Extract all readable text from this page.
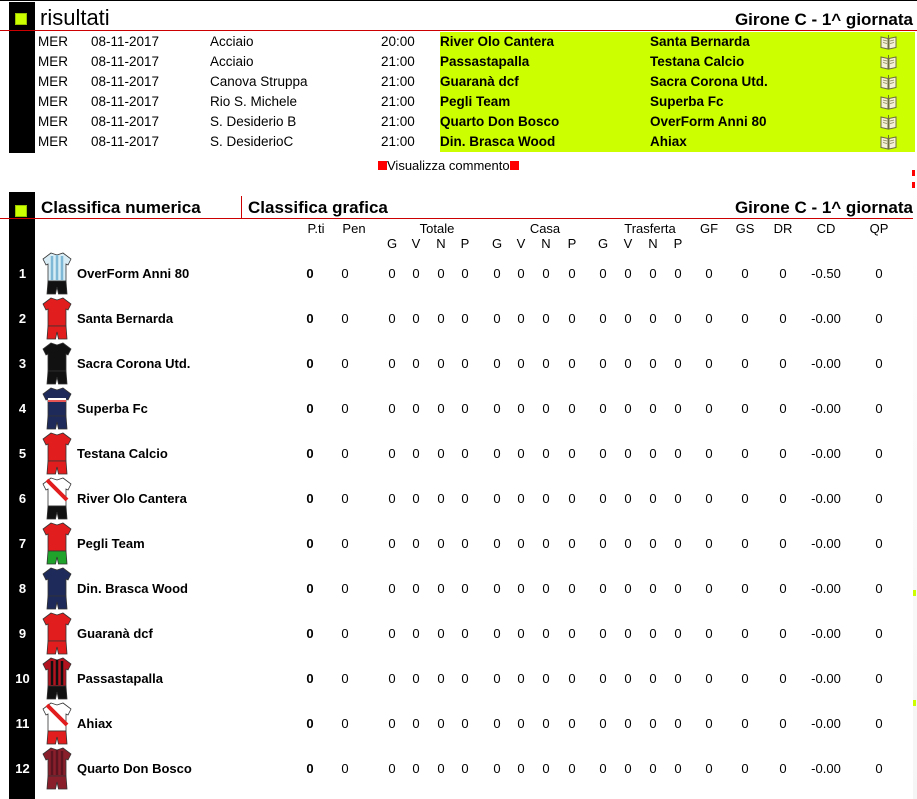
risultati	Girone C - 1^ giornata
MER 08-11-2017	Acciaio	20:00 River Olo Cantera	Santa Bernarda
MER 08-11-2017	Acciaio	21:00 Passastapalla	Testana Calcio
MER 08-11-2017	Canova Struppa	21:00 Guaranà dcf	Sacra Corona Utd.
MER 08-11-2017	Rio S. Michele	21:00 Pegli Team	Superba Fc
MER 08-11-2017	S. Desiderio B	21:00 Quarto Don Bosco	OverForm Anni 80
MER 08-11-2017	S. DesiderioC	21:00 Din. Brasca Wood	Ahiax
Visualizza commento
Classifica numerica	Classifica grafica	Girone C - 1^ giornata
P.ti Pen	Totale	Casa	Trasferta	GF GS DR CD	QP
G	V	N	P	G	V	N	P	G	V	N	P
1	OverForm Anni 80	0	0	0	0	0	0	0	0	0	0	0	0	0	0	0	0	0	-0.50	0
2	Santa Bernarda	0	0	0	0	0	0	0	0	0	0	0	0	0	0	0	0	0	-0.00	0
3	Sacra Corona Utd.	0	0	0	0	0	0	0	0	0	0	0	0	0	0	0	0	0	-0.00	0
4	Superba Fc	0	0	0	0	0	0	0	0	0	0	0	0	0	0	0	0	0	-0.00	0
5	Testana Calcio	0	0	0	0	0	0	0	0	0	0	0	0	0	0	0	0	0	-0.00	0
6	River Olo Cantera	0	0	0	0	0	0	0	0	0	0	0	0	0	0	0	0	0	-0.00	0
7	Pegli Team	0	0	0	0	0	0	0	0	0	0	0	0	0	0	0	0	0	-0.00	0
8	Din. Brasca Wood	0	0	0	0	0	0	0	0	0	0	0	0	0	0	0	0	0	-0.00	0
9	Guaranà dcf	0	0	0	0	0	0	0	0	0	0	0	0	0	0	0	0	0	-0.00	0
10	Passastapalla	0	0	0	0	0	0	0	0	0	0	0	0	0	0	0	0	0	-0.00	0
11	Ahiax	0	0	0	0	0	0	0	0	0	0	0	0	0	0	0	0	0	-0.00	0
12	Quarto Don Bosco	0	0	0	0	0	0	0	0	0	0	0	0	0	0	0	0	0	-0.00	0
